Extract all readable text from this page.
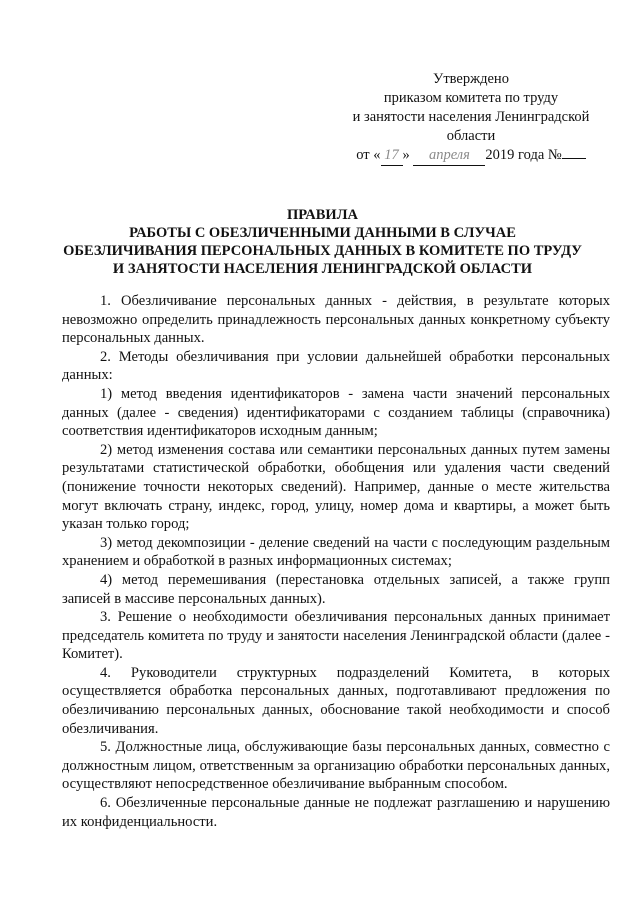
Утверждено
приказом комитета по труду
и занятости населения Ленинградской
области
от « 17 » апреля 2019 года №
ПРАВИЛА
РАБОТЫ С ОБЕЗЛИЧЕННЫМИ ДАННЫМИ В СЛУЧАЕ
ОБЕЗЛИЧИВАНИЯ ПЕРСОНАЛЬНЫХ ДАННЫХ В КОМИТЕТЕ ПО ТРУДУ
И ЗАНЯТОСТИ НАСЕЛЕНИЯ ЛЕНИНГРАДСКОЙ ОБЛАСТИ

1. Обезличивание персональных данных - действия, в результате которых невозможно определить принадлежность персональных данных конкретному субъекту персональных данных.

2. Методы обезличивания при условии дальнейшей обработки персональных данных:

1) метод введения идентификаторов - замена части значений персональных данных (далее - сведения) идентификаторами с созданием таблицы (справочника) соответствия идентификаторов исходным данным;

2) метод изменения состава или семантики персональных данных путем замены результатами статистической обработки, обобщения или удаления части сведений (понижение точности некоторых сведений). Например, данные о месте жительства могут включать страну, индекс, город, улицу, номер дома и квартиры, а может быть указан только город;

3) метод декомпозиции - деление сведений на части с последующим раздельным хранением и обработкой в разных информационных системах;

4) метод перемешивания (перестановка отдельных записей, а также групп записей в массиве персональных данных).

3. Решение о необходимости обезличивания персональных данных принимает председатель комитета по труду и занятости населения Ленинградской области (далее - Комитет).

4. Руководители структурных подразделений Комитета, в которых осуществляется обработка персональных данных, подготавливают предложения по обезличиванию персональных данных, обоснование такой необходимости и способ обезличивания.

5. Должностные лица, обслуживающие базы персональных данных, совместно с должностным лицом, ответственным за организацию обработки персональных данных, осуществляют непосредственное обезличивание выбранным способом.

6. Обезличенные персональные данные не подлежат разглашению и нарушению их конфиденциальности.
